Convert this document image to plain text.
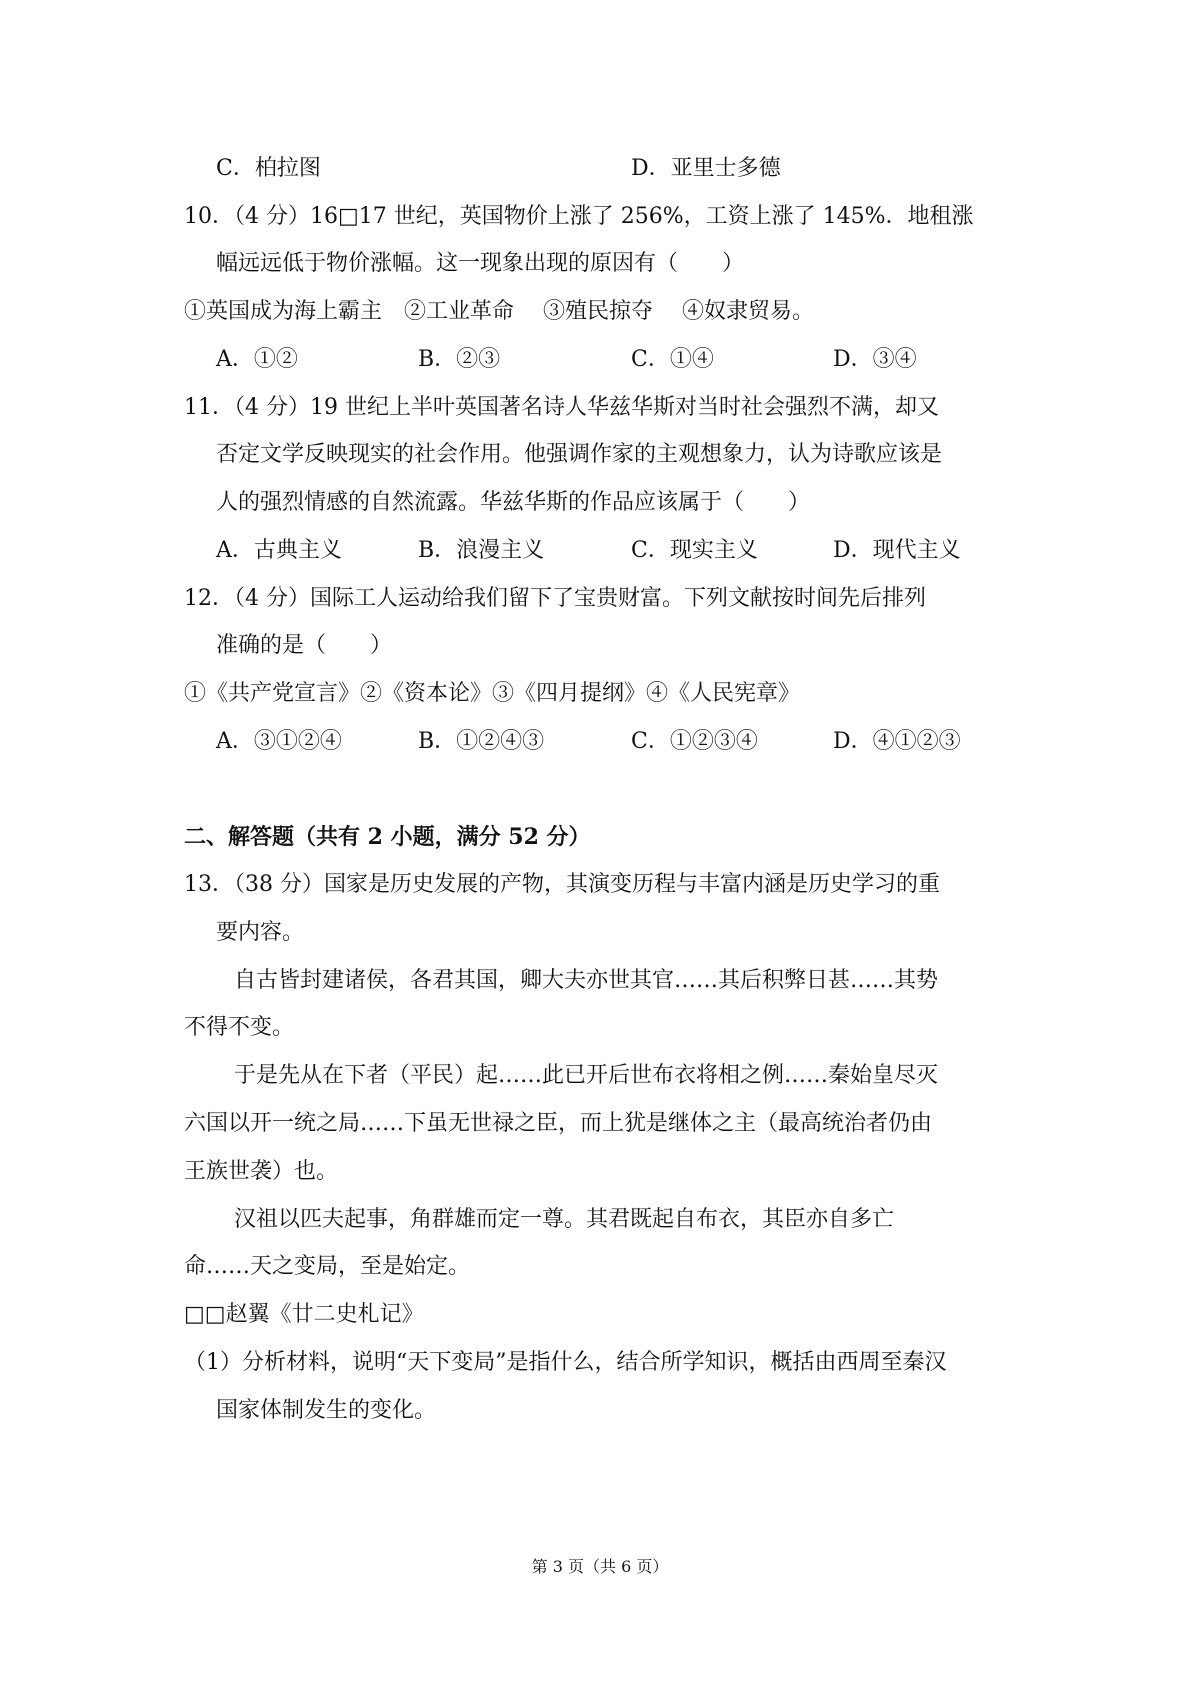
C．柏拉图	D．亚里士多德
10．（4 分）16□17 世纪，英国物价上涨了 256%，工资上涨了 145%．地租涨
幅远远低于物价涨幅。这一现象出现的原因有（　　）
①英国成为海上霸主　②工业革命　 ③殖民掠夺　 ④奴隶贸易。
A．①②	B．②③	C．①④	D．③④
11．（4 分）19 世纪上半叶英国著名诗人华兹华斯对当时社会强烈不满，却又
否定文学反映现实的社会作用。他强调作家的主观想象力，认为诗歌应该是
人的强烈情感的自然流露。华兹华斯的作品应该属于（　　）
A．古典主义	B．浪漫主义	C．现实主义	D．现代主义
12．（4 分）国际工人运动给我们留下了宝贵财富。下列文献按时间先后排列
准确的是（　　）
①《共产党宣言》②《资本论》③《四月提纲》④《人民宪章》
A．③①②④	B．①②④③	C．①②③④	D．④①②③
二、解答题（共有 2 小题，满分 52 分）
13．（38 分）国家是历史发展的产物，其演变历程与丰富内涵是历史学习的重
要内容。
自古皆封建诸侯，各君其国，卿大夫亦世其官……其后积弊日甚……其势
不得不变。
于是先从在下者（平民）起……此已开后世布衣将相之例……秦始皇尽灭
六国以开一统之局……下虽无世禄之臣，而上犹是继体之主（最高统治者仍由
王族世袭）也。
汉祖以匹夫起事，角群雄而定一尊。其君既起自布衣，其臣亦自多亡
命……天之变局，至是始定。
□□赵翼《廿二史札记》
（1）分析材料，说明“天下变局”是指什么，结合所学知识，概括由西周至秦汉
国家体制发生的变化。
第 3 页（共 6 页）
